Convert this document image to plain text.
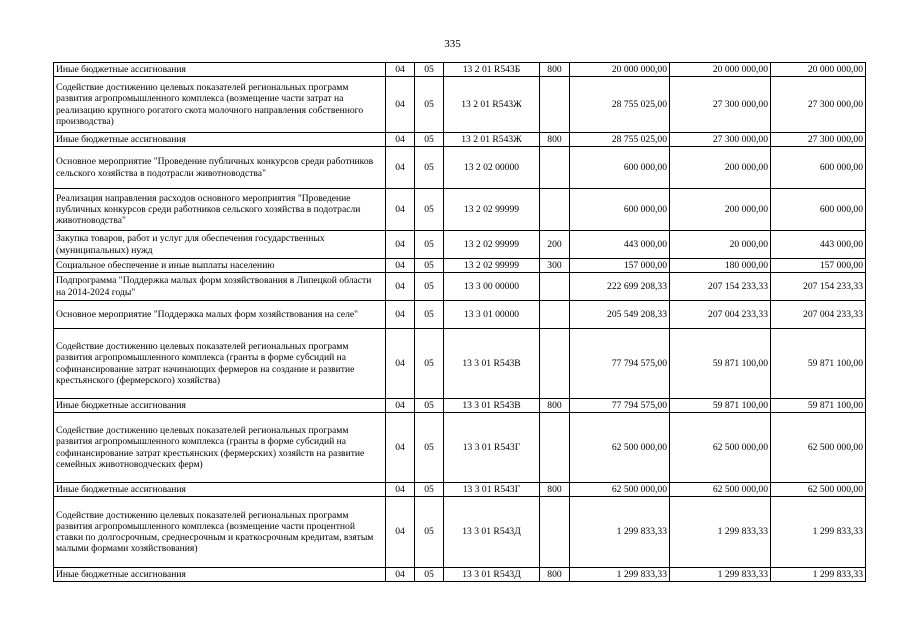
335
Иные бюджетные ассигнования	04	05	13 2 01 R543Б	800	20 000 000,00	20 000 000,00	20 000 000,00
Содействие достижению целевых показателей региональных программ развития агропромышленного комплекса (возмещение части затрат на реализацию крупного рогатого скота молочного направления собственного производства)	04	05	13 2 01 R543Ж		28 755 025,00	27 300 000,00	27 300 000,00
Иные бюджетные ассигнования	04	05	13 2 01 R543Ж	800	28 755 025,00	27 300 000,00	27 300 000,00
Основное мероприятие "Проведение публичных конкурсов среди работников сельского хозяйства в подотрасли животноводства"	04	05	13 2 02 00000		600 000,00	200 000,00	600 000,00
Реализация направления расходов основного мероприятия "Проведение публичных конкурсов среди работников сельского хозяйства в подотрасли животноводства"	04	05	13 2 02 99999		600 000,00	200 000,00	600 000,00
Закупка товаров, работ и услуг для обеспечения государственных (муниципальных) нужд	04	05	13 2 02 99999	200	443 000,00	20 000,00	443 000,00
Социальное обеспечение и иные выплаты населению	04	05	13 2 02 99999	300	157 000,00	180 000,00	157 000,00
Подпрограмма "Поддержка малых форм хозяйствования в Липецкой области на 2014-2024 годы"	04	05	13 3 00 00000		222 699 208,33	207 154 233,33	207 154 233,33
Основное мероприятие "Поддержка малых форм хозяйствования на селе"	04	05	13 3 01 00000		205 549 208,33	207 004 233,33	207 004 233,33
Содействие достижению целевых показателей региональных программ развития агропромышленного комплекса (гранты в форме субсидий на софинансирование затрат начинающих фермеров на создание и развитие крестьянского (фермерского) хозяйства)	04	05	13 3 01 R543В		77 794 575,00	59 871 100,00	59 871 100,00
Иные бюджетные ассигнования	04	05	13 3 01 R543В	800	77 794 575,00	59 871 100,00	59 871 100,00
Содействие достижению целевых показателей региональных программ развития агропромышленного комплекса (гранты в форме субсидий на софинансирование затрат крестьянских (фермерских) хозяйств на развитие семейных животноводческих ферм)	04	05	13 3 01 R543Г		62 500 000,00	62 500 000,00	62 500 000,00
Иные бюджетные ассигнования	04	05	13 3 01 R543Г	800	62 500 000,00	62 500 000,00	62 500 000,00
Содействие достижению целевых показателей региональных программ развития агропромышленного комплекса (возмещение части процентной ставки по долгосрочным, среднесрочным и краткосрочным кредитам, взятым малыми формами хозяйствования)	04	05	13 3 01 R543Д		1 299 833,33	1 299 833,33	1 299 833,33
Иные бюджетные ассигнования	04	05	13 3 01 R543Д	800	1 299 833,33	1 299 833,33	1 299 833,33
